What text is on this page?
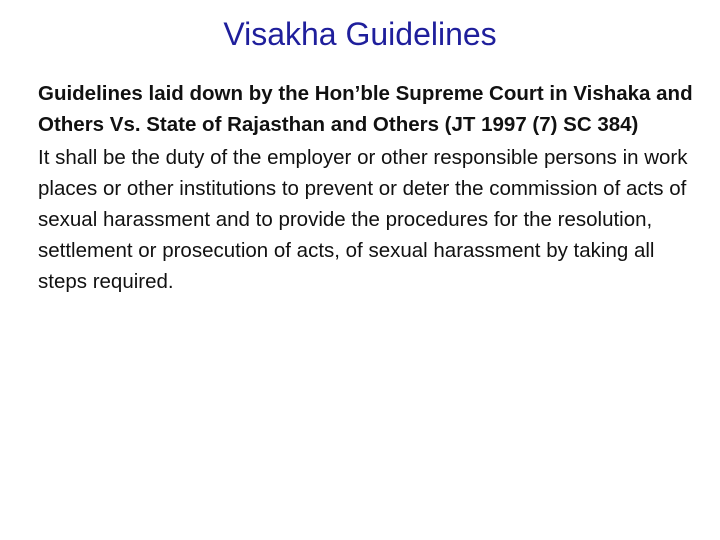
Visakha Guidelines

Guidelines laid down by the Hon’ble Supreme Court in Vishaka and Others Vs. State of Rajasthan and Others (JT 1997 (7) SC 384)

It shall be the duty of the employer or other responsible persons in work places or other institutions to prevent or deter the commission of acts of sexual harassment and to provide the procedures for the resolution, settlement or prosecution of acts, of sexual harassment by taking all steps required.
